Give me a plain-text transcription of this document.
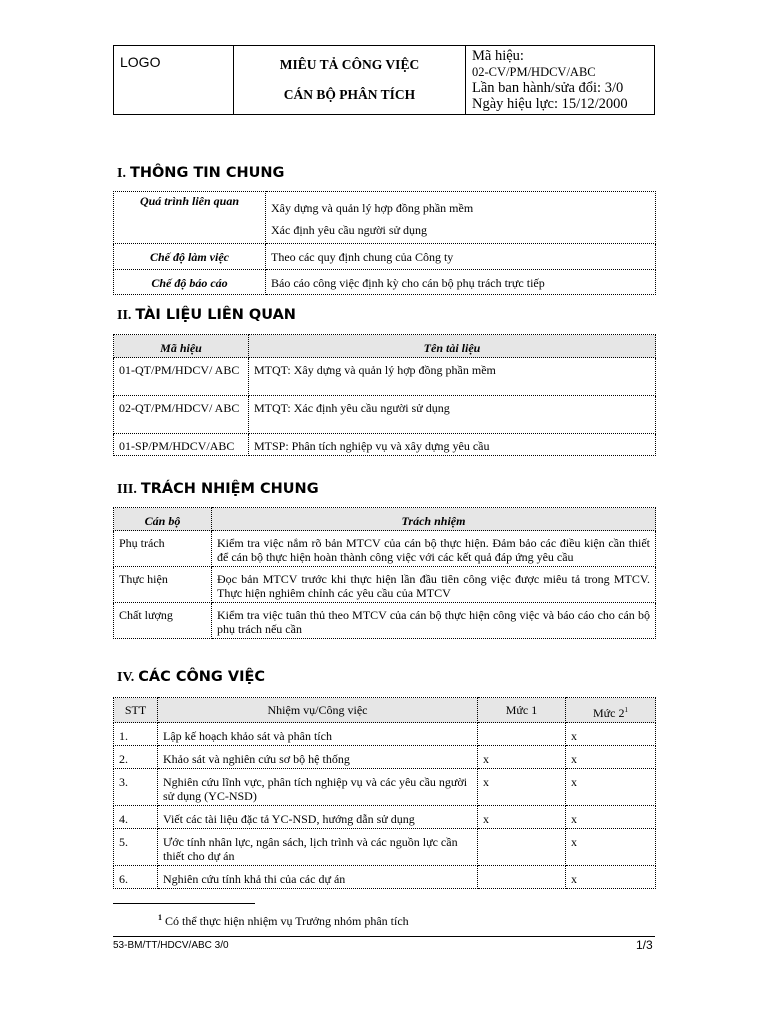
LOGO	MIÊU TẢ CÔNG VIỆC
CÁN BỘ PHÂN TÍCH
Mã hiệu:
02-CV/PM/HDCV/ABC
Lần ban hành/sửa đổi: 3/0
Ngày hiệu lực: 15/12/2000
I. THÔNG TIN CHUNG
Quá trình liên quan	Xây dựng và quản lý hợp đồng phần mềm
Xác định yêu cầu người sử dụng

Chế độ làm việc	Theo các quy định chung của Công ty
Chế độ báo cáo	Báo cáo công việc định kỳ cho cán bộ phụ trách trực tiếp
II. TÀI LIỆU LIÊN QUAN
Mã hiệu	Tên tài liệu
01-QT/PM/HDCV/ ABC	MTQT: Xây dựng và quản lý hợp đồng phần mềm
02-QT/PM/HDCV/ ABC	MTQT: Xác định yêu cầu người sử dụng
01-SP/PM/HDCV/ABC	MTSP: Phân tích nghiệp vụ và xây dựng yêu cầu
III. TRÁCH NHIỆM CHUNG
Cán bộ	Trách nhiệm
Phụ trách	Kiểm tra việc nắm rõ bản MTCV của cán bộ thực hiện. Đảm bảo các điều kiện cần thiết để cán bộ thực hiện hoàn thành công việc với các kết quả đáp ứng yêu cầu
Thực hiện	Đọc bản MTCV trước khi thực hiện lần đầu tiên công việc được miêu tả trong MTCV. Thực hiện nghiêm chỉnh các yêu cầu của MTCV
Chất lượng	Kiểm tra việc tuân thủ theo MTCV của cán bộ thực hiện công việc và báo cáo cho cán bộ phụ trách nếu cần
IV. CÁC CÔNG VIỆC
STT	Nhiệm vụ/Công việc	Mức 1	Mức $2^1$
1.	Lập kế hoạch khảo sát và phân tích		x
2.	Khảo sát và nghiên cứu sơ bộ hệ thống	x	x
3.	Nghiên cứu lĩnh vực, phân tích nghiệp vụ và các yêu cầu người sử dụng (YC-NSD)	x	x
4.	Viết các tài liệu đặc tả YC-NSD, hướng dẫn sử dụng	x	x
5.	Ước tính nhân lực, ngân sách, lịch trình và các nguồn lực cần thiết cho dự án		x
6.	Nghiên cứu tính khả thi của các dự án		x
$^1$ Có thể thực hiện nhiệm vụ Trưởng nhóm phân tích
53-BM/TT/HDCV/ABC 3/0	1/3
